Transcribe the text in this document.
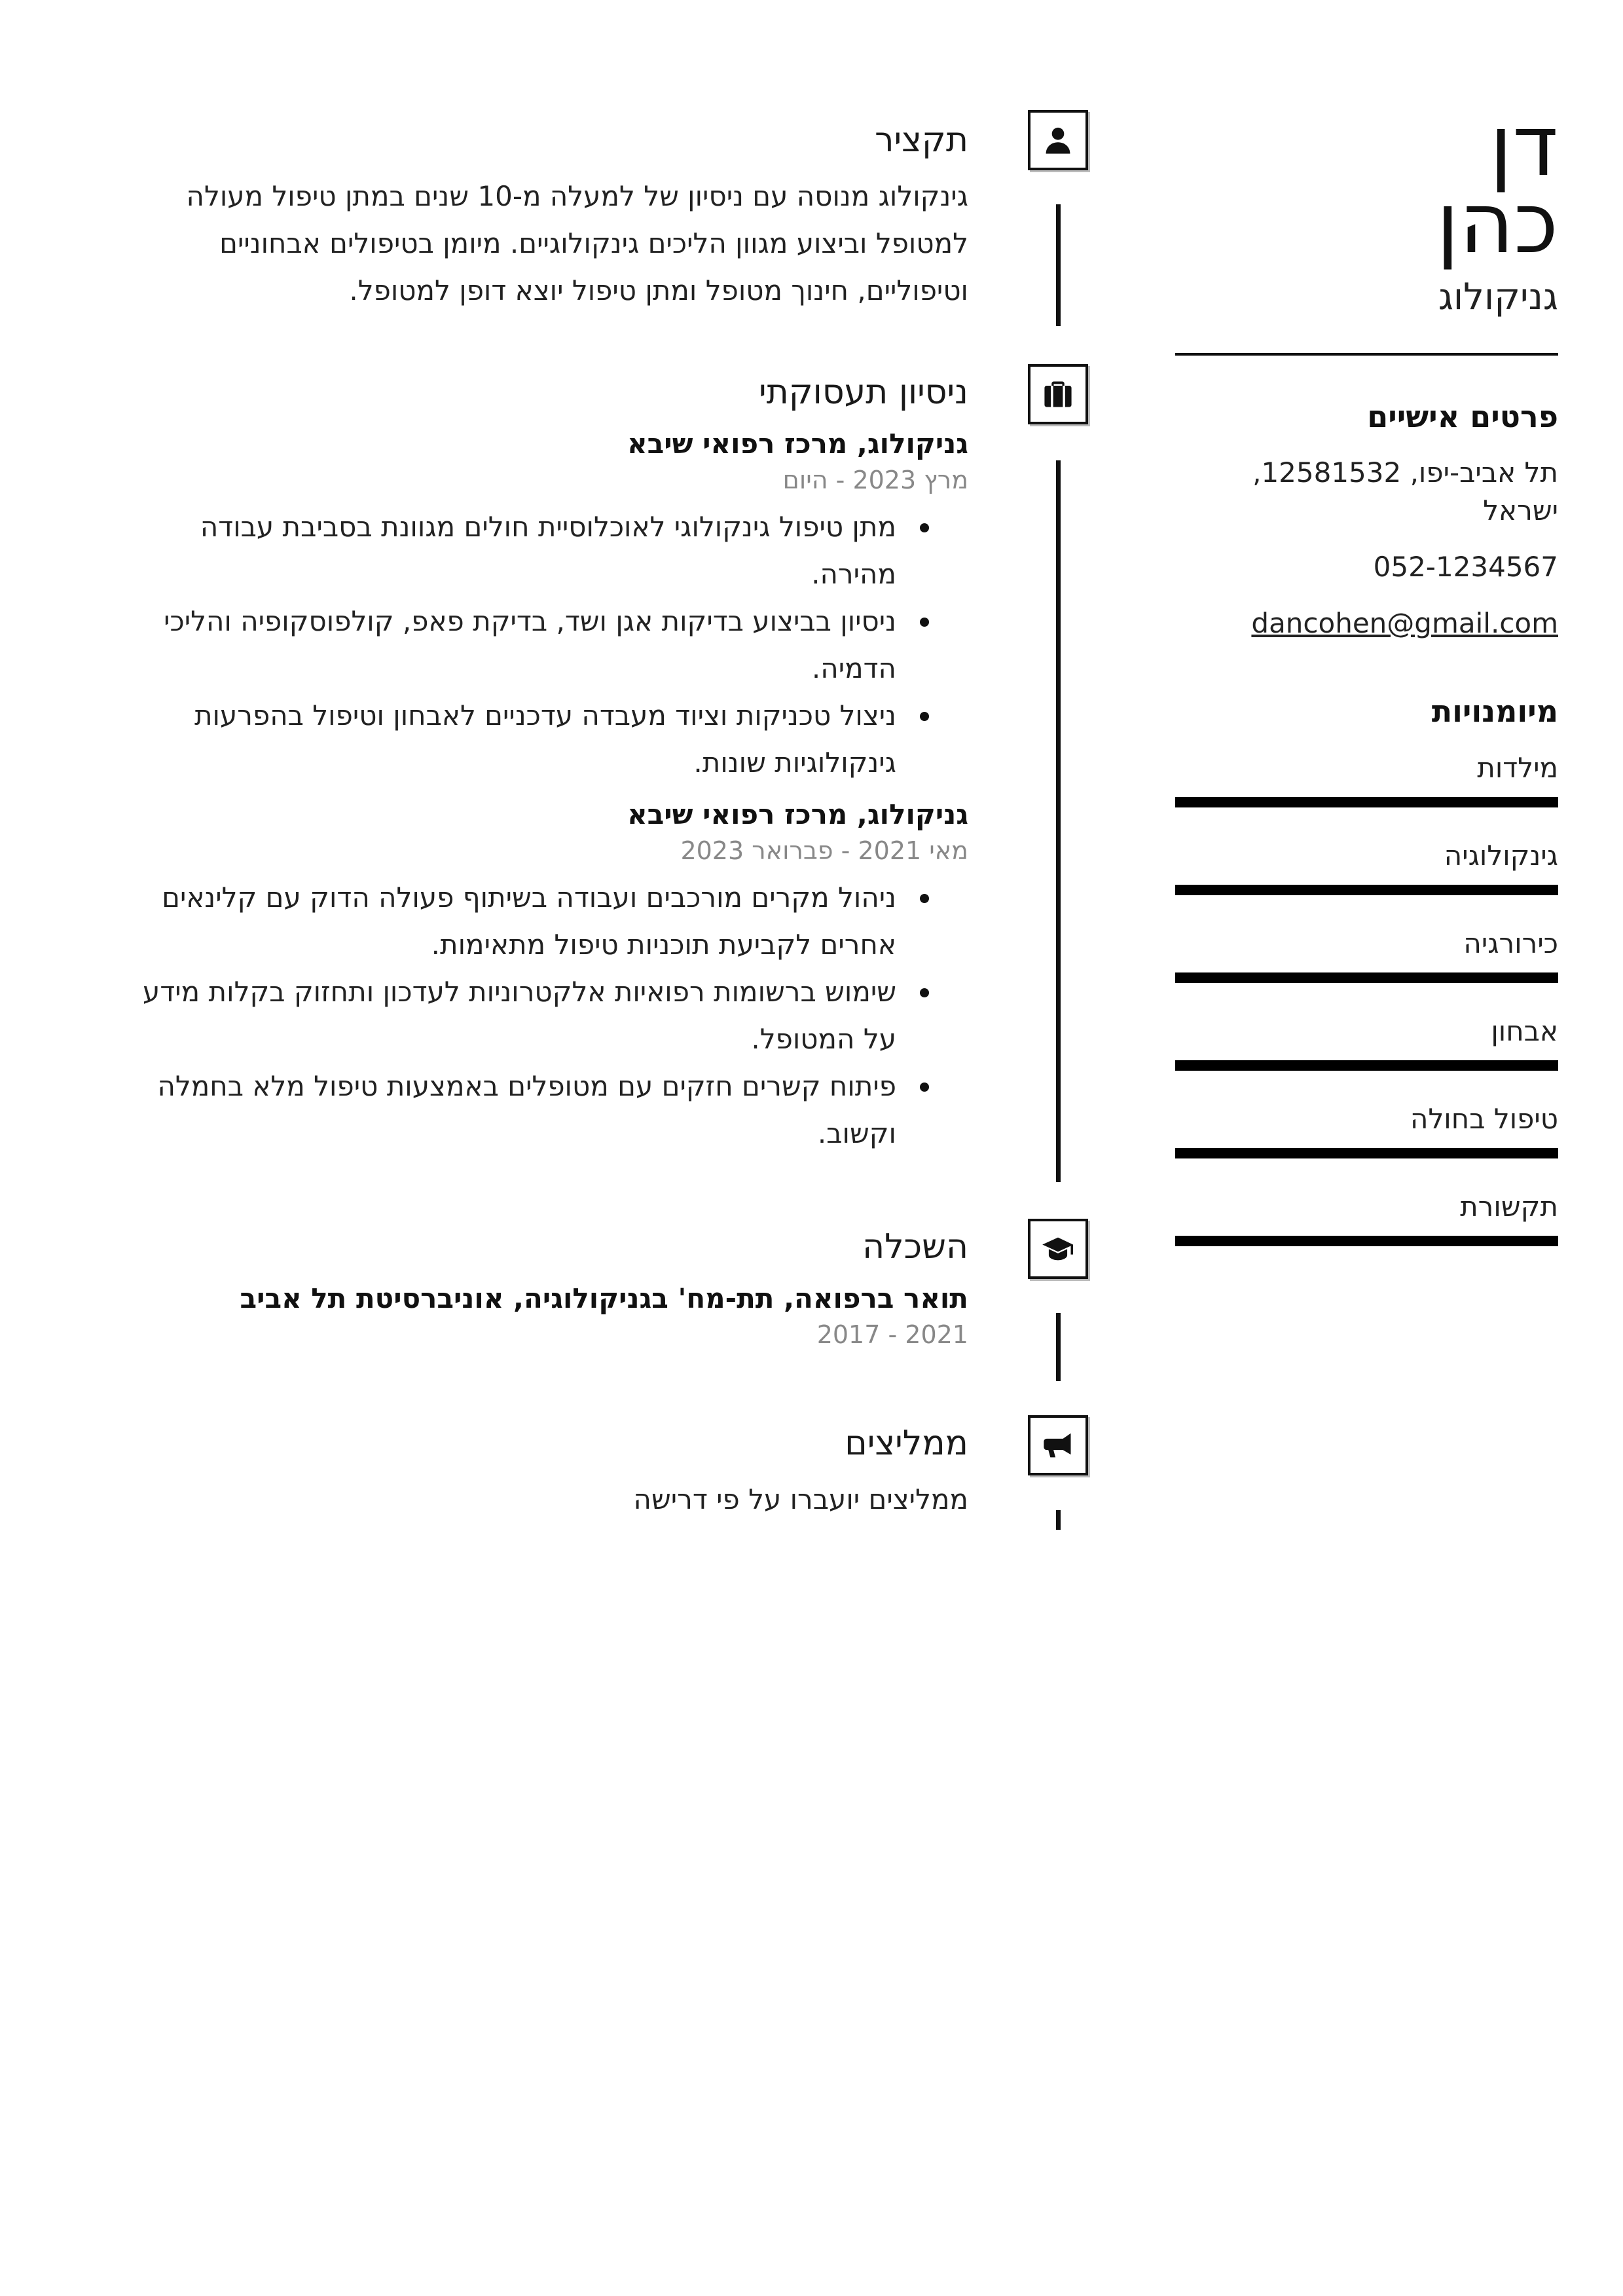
דן
כהן
גניקולוג
פרטים אישיים
תל אביב-יפו, 12581532, ישראל
052-1234567
dancohen@gmail.com
מיומנויות
מילדות
גינקולוגיה
כירורגיה
אבחון
טיפול בחולה
תקשורת
תקציר

גינקולוג מנוסה עם ניסיון של למעלה מ-10 שנים במתן טיפול מעולה למטופל וביצוע מגוון הליכים גינקולוגיים. מיומן בטיפולים אבחוניים וטיפוליים, חינוך מטופל ומתן טיפול יוצא דופן למטופל.

ניסיון תעסוקתי
גניקולוג, מרכז רפואי שיבא
מרץ 2023 - היום
מתן טיפול גינקולוגי לאוכלוסיית חולים מגוונת בסביבת עבודה מהירה.
ניסיון בביצוע בדיקות אגן ושד, בדיקת פאפ, קולפוסקופיה והליכי הדמיה.
ניצול טכניקות וציוד מעבדה עדכניים לאבחון וטיפול בהפרעות גינקולוגיות שונות.
גניקולוג, מרכז רפואי שיבא
מאי 2021 - פברואר 2023
ניהול מקרים מורכבים ועבודה בשיתוף פעולה הדוק עם קלינאים אחרים לקביעת תוכניות טיפול מתאימות.
שימוש ברשומות רפואיות אלקטרוניות לעדכון ותחזוק בקלות מידע על המטופל.
פיתוח קשרים חזקים עם מטופלים באמצעות טיפול מלא בחמלה וקשוב.
השכלה
תואר ברפואה, תת-מח' בגניקולוגיה, אוניברסיטת תל אביב
2017 - 2021
ממליצים

ממליצים יועברו על פי דרישה
